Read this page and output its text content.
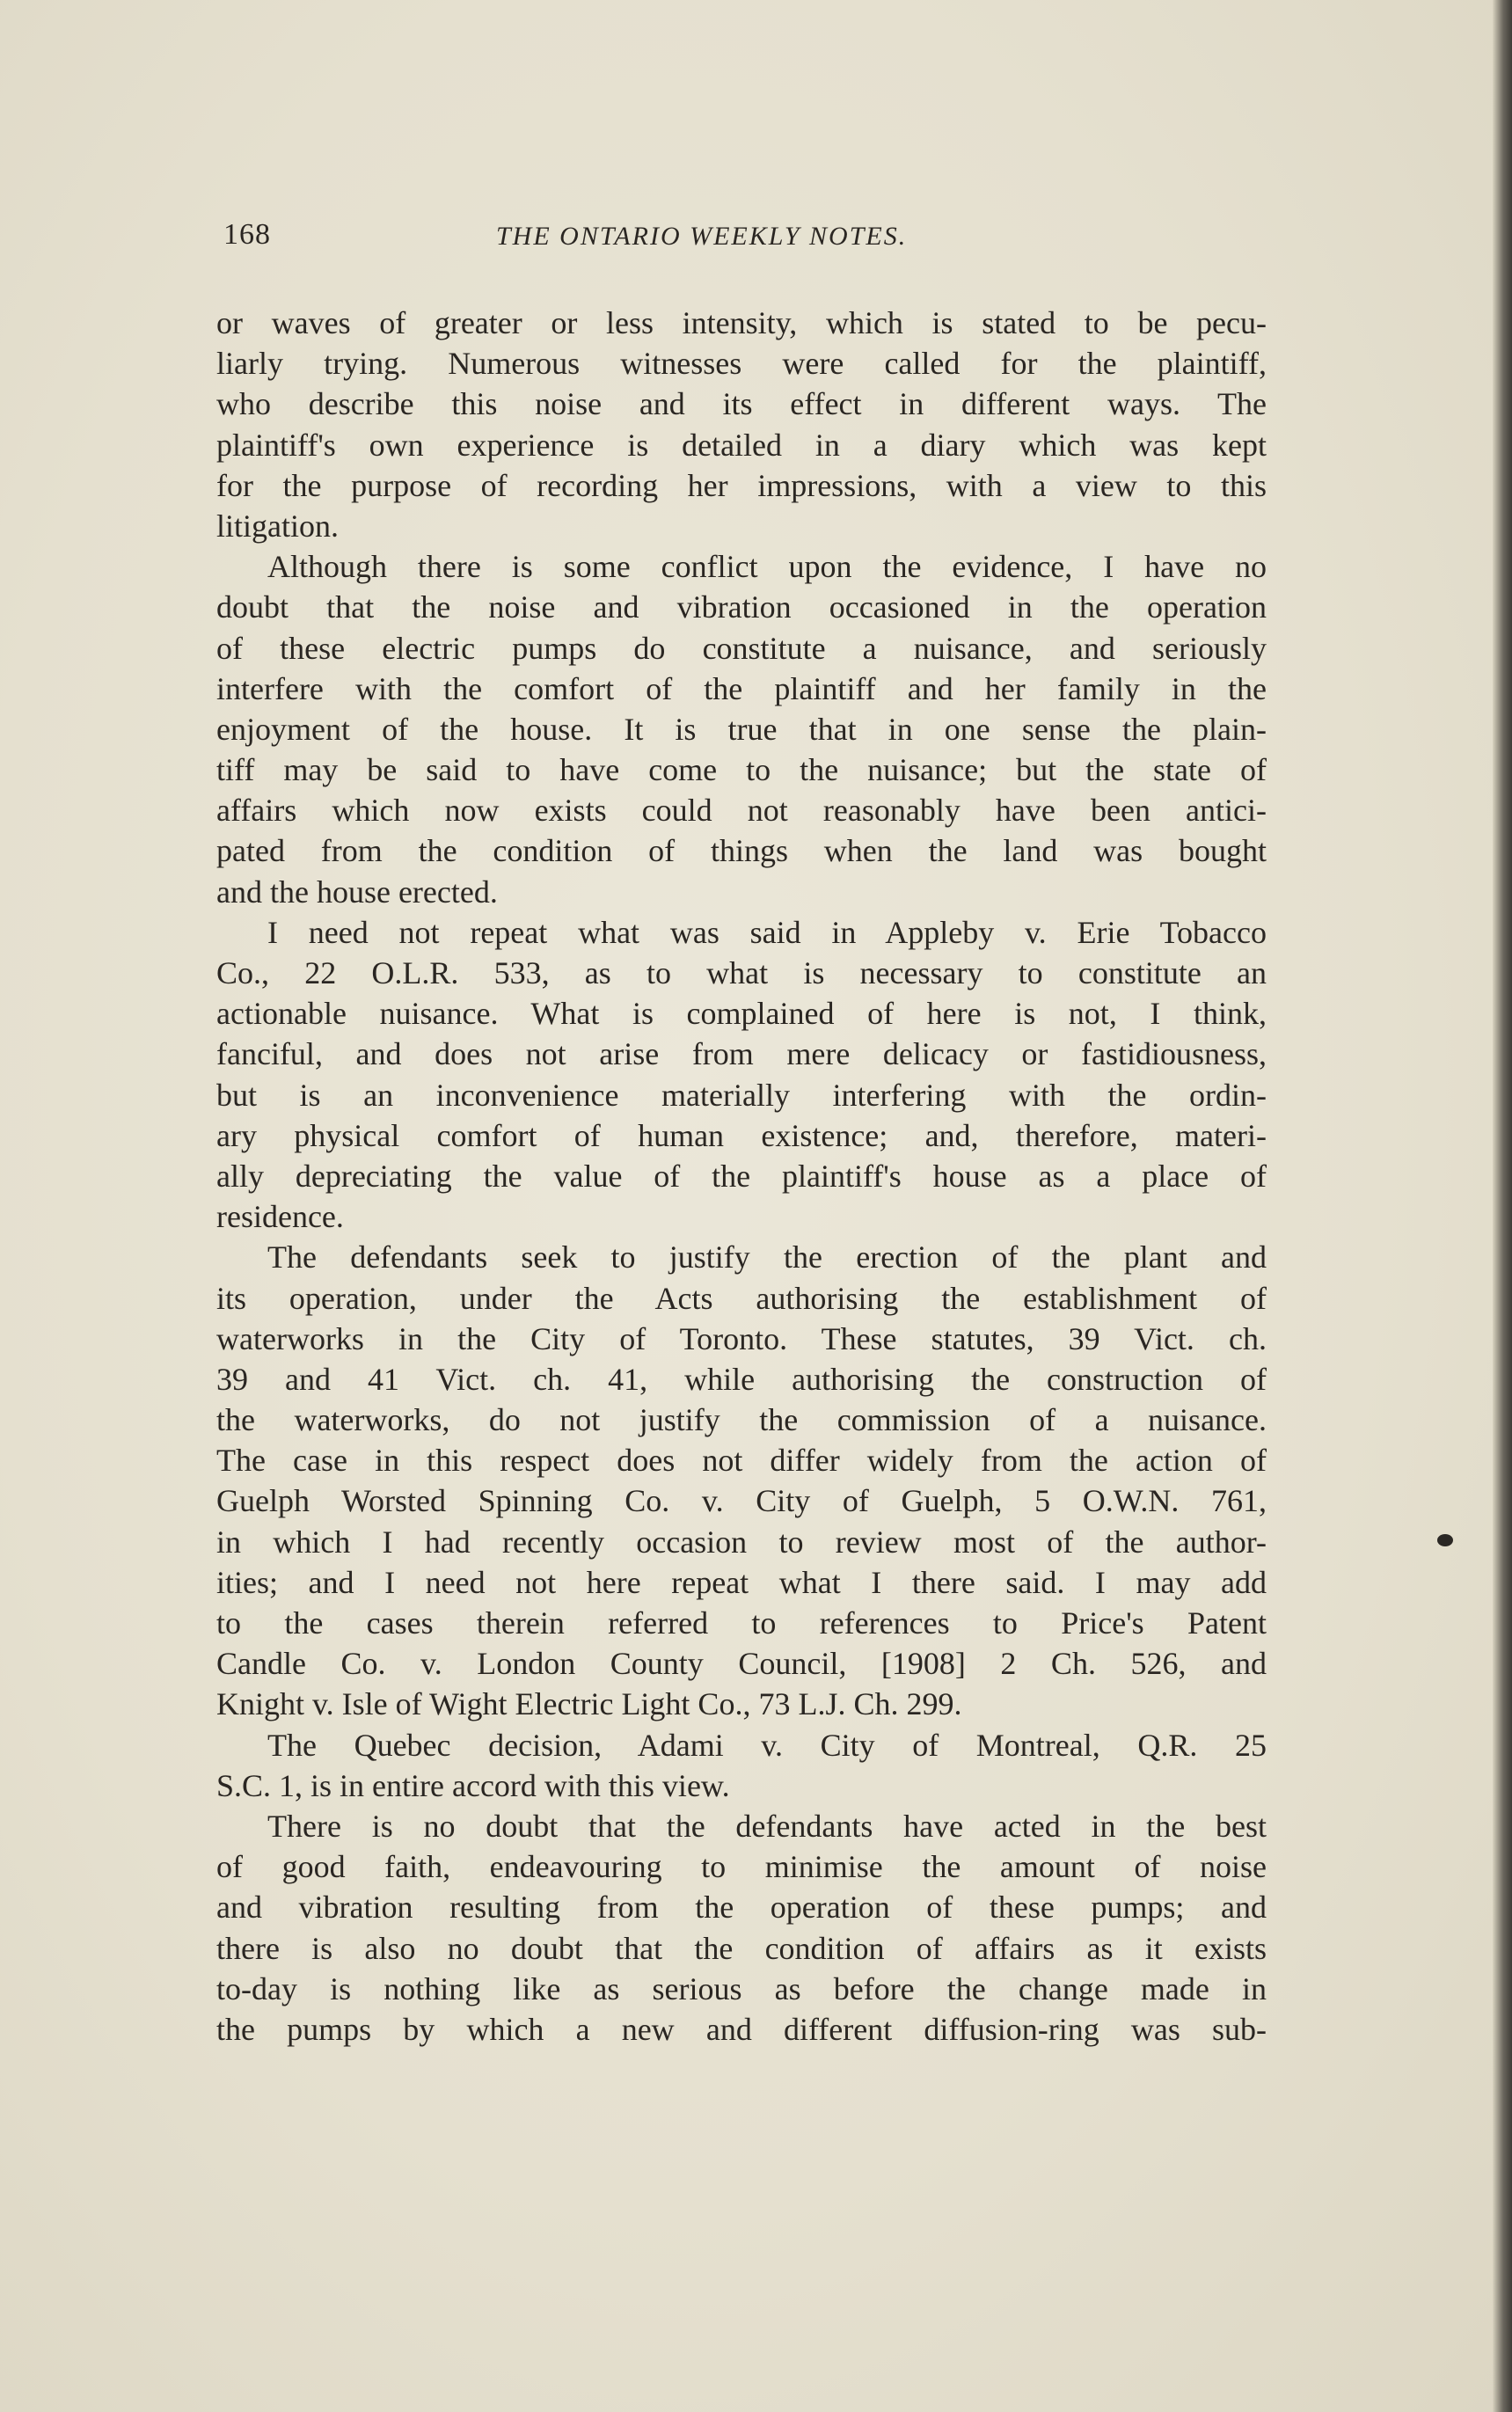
168	THE ONTARIO WEEKLY NOTES.
or waves of greater or less intensity, which is stated to be pecu-
liarly trying. Numerous witnesses were called for the plaintiff,
who describe this noise and its effect in different ways. The
plaintiff's own experience is detailed in a diary which was kept
for the purpose of recording her impressions, with a view to this
litigation.
Although there is some conflict upon the evidence, I have no
doubt that the noise and vibration occasioned in the operation
of these electric pumps do constitute a nuisance, and seriously
interfere with the comfort of the plaintiff and her family in the
enjoyment of the house. It is true that in one sense the plain-
tiff may be said to have come to the nuisance; but the state of
affairs which now exists could not reasonably have been antici-
pated from the condition of things when the land was bought
and the house erected.
I need not repeat what was said in Appleby v. Erie Tobacco
Co., 22 O.L.R. 533, as to what is necessary to constitute an
actionable nuisance. What is complained of here is not, I think,
fanciful, and does not arise from mere delicacy or fastidiousness,
but is an inconvenience materially interfering with the ordin-
ary physical comfort of human existence; and, therefore, materi-
ally depreciating the value of the plaintiff's house as a place of
residence.
The defendants seek to justify the erection of the plant and
its operation, under the Acts authorising the establishment of
waterworks in the City of Toronto. These statutes, 39 Vict. ch.
39 and 41 Vict. ch. 41, while authorising the construction of
the waterworks, do not justify the commission of a nuisance.
The case in this respect does not differ widely from the action of
Guelph Worsted Spinning Co. v. City of Guelph, 5 O.W.N. 761,
in which I had recently occasion to review most of the author-
ities; and I need not here repeat what I there said. I may add
to the cases therein referred to references to Price's Patent
Candle Co. v. London County Council, [1908] 2 Ch. 526, and
Knight v. Isle of Wight Electric Light Co., 73 L.J. Ch. 299.
The Quebec decision, Adami v. City of Montreal, Q.R. 25
S.C. 1, is in entire accord with this view.
There is no doubt that the defendants have acted in the best
of good faith, endeavouring to minimise the amount of noise
and vibration resulting from the operation of these pumps; and
there is also no doubt that the condition of affairs as it exists
to-day is nothing like as serious as before the change made in
the pumps by which a new and different diffusion-ring was sub-
